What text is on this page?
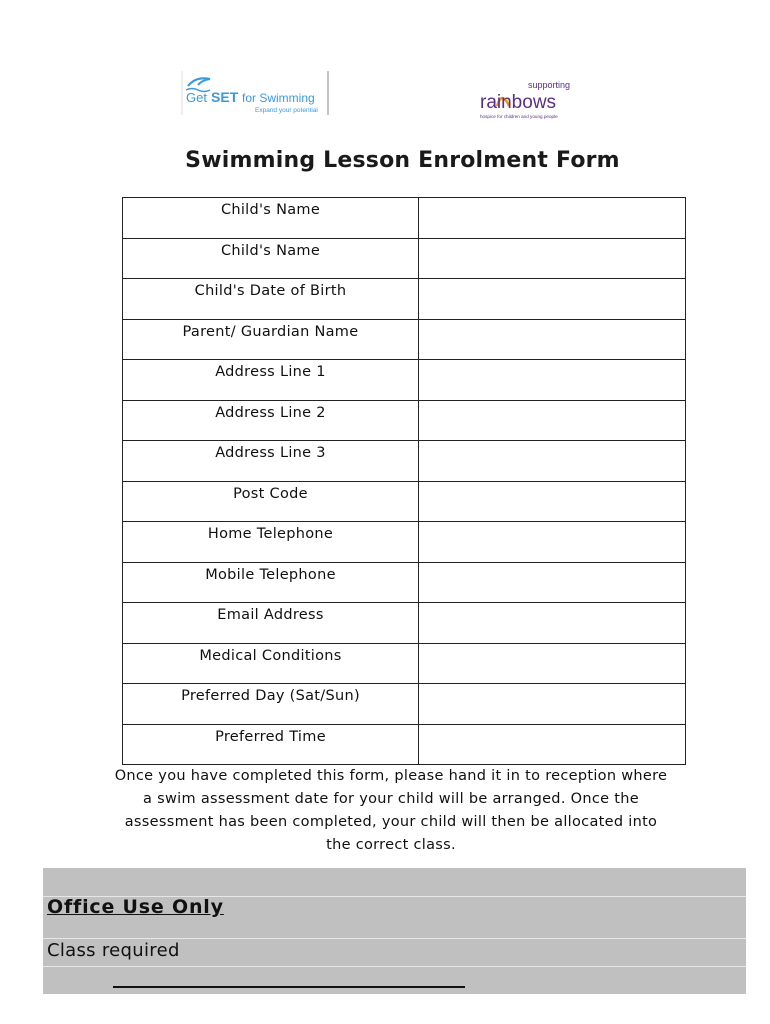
Get SET for Swimming
Expand your potential
supporting
rainbows
hospice for children and young people
Swimming Lesson Enrolment Form
Child's Name	
Child's Name	
Child's Date of Birth	
Parent/ Guardian Name	
Address Line 1	
Address Line 2	
Address Line 3	
Post Code	
Home Telephone	
Mobile Telephone	
Email Address	
Medical Conditions	
Preferred Day (Sat/Sun)	
Preferred Time	
Once you have completed this form, please hand it in to reception where
a swim assessment date for your child will be arranged. Once the
assessment has been completed, your child will then be allocated into
the correct class.
Office Use Only
Class required
